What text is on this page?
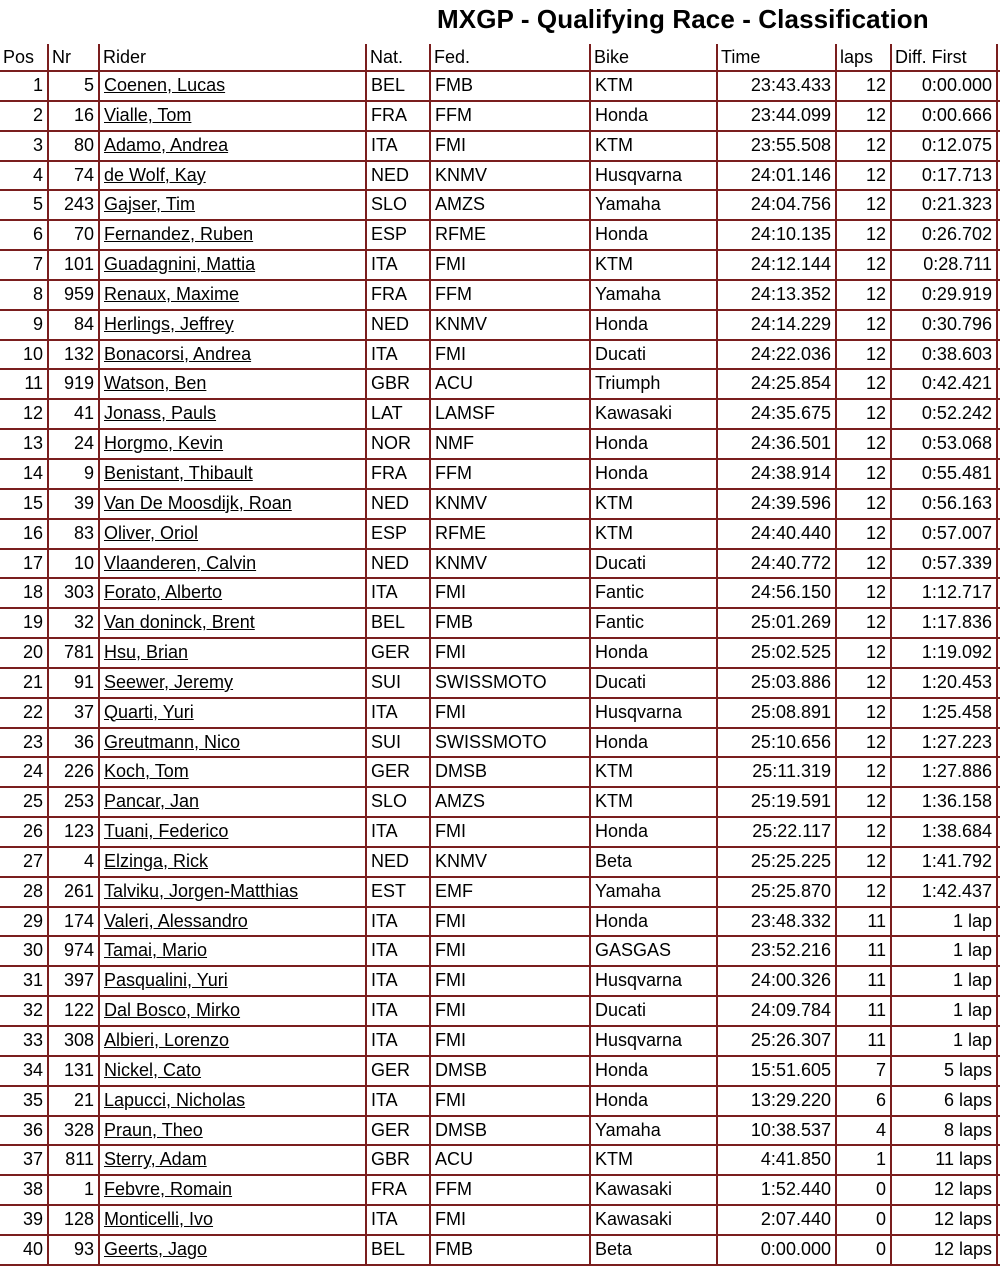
MXGP - Qualifying Race - Classification
Pos Nr	Rider	Nat.	Fed.	Bike	Time	laps	Diff. First
1	5 Coenen, Lucas	BEL	FMB	KTM	23:43.433	12	0:00.000
2	16 Vialle, Tom	FRA	FFM	Honda	23:44.099	12	0:00.666
3	80 Adamo, Andrea	ITA	FMI	KTM	23:55.508	12	0:12.075
4	74 de Wolf, Kay	NED	KNMV	Husqvarna	24:01.146	12	0:17.713
5	243 Gajser, Tim	SLO	AMZS	Yamaha	24:04.756	12	0:21.323
6	70 Fernandez, Ruben	ESP	RFME	Honda	24:10.135	12	0:26.702
7	101 Guadagnini, Mattia	ITA	FMI	KTM	24:12.144	12	0:28.711
8	959 Renaux, Maxime	FRA	FFM	Yamaha	24:13.352	12	0:29.919
9	84 Herlings, Jeffrey	NED	KNMV	Honda	24:14.229	12	0:30.796
10	132 Bonacorsi, Andrea	ITA	FMI	Ducati	24:22.036	12	0:38.603
11	919 Watson, Ben	GBR	ACU	Triumph	24:25.854	12	0:42.421
12	41 Jonass, Pauls	LAT	LAMSF	Kawasaki	24:35.675	12	0:52.242
13	24 Horgmo, Kevin	NOR	NMF	Honda	24:36.501	12	0:53.068
14	9 Benistant, Thibault	FRA	FFM	Honda	24:38.914	12	0:55.481
15	39 Van De Moosdijk, Roan	NED	KNMV	KTM	24:39.596	12	0:56.163
16	83 Oliver, Oriol	ESP	RFME	KTM	24:40.440	12	0:57.007
17	10 Vlaanderen, Calvin	NED	KNMV	Ducati	24:40.772	12	0:57.339
18	303 Forato, Alberto	ITA	FMI	Fantic	24:56.150	12	1:12.717
19	32 Van doninck, Brent	BEL	FMB	Fantic	25:01.269	12	1:17.836
20	781 Hsu, Brian	GER	FMI	Honda	25:02.525	12	1:19.092
21	91 Seewer, Jeremy	SUI	SWISSMOTO	Ducati	25:03.886	12	1:20.453
22	37 Quarti, Yuri	ITA	FMI	Husqvarna	25:08.891	12	1:25.458
23	36 Greutmann, Nico	SUI	SWISSMOTO	Honda	25:10.656	12	1:27.223
24	226 Koch, Tom	GER	DMSB	KTM	25:11.319	12	1:27.886
25	253 Pancar, Jan	SLO	AMZS	KTM	25:19.591	12	1:36.158
26	123 Tuani, Federico	ITA	FMI	Honda	25:22.117	12	1:38.684
27	4 Elzinga, Rick	NED	KNMV	Beta	25:25.225	12	1:41.792
28	261 Talviku, Jorgen-Matthias	EST	EMF	Yamaha	25:25.870	12	1:42.437
29	174 Valeri, Alessandro	ITA	FMI	Honda	23:48.332	11	1 lap
30	974 Tamai, Mario	ITA	FMI	GASGAS	23:52.216	11	1 lap
31	397 Pasqualini, Yuri	ITA	FMI	Husqvarna	24:00.326	11	1 lap
32	122 Dal Bosco, Mirko	ITA	FMI	Ducati	24:09.784	11	1 lap
33	308 Albieri, Lorenzo	ITA	FMI	Husqvarna	25:26.307	11	1 lap
34	131 Nickel, Cato	GER	DMSB	Honda	15:51.605	7	5 laps
35	21 Lapucci, Nicholas	ITA	FMI	Honda	13:29.220	6	6 laps
36	328 Praun, Theo	GER	DMSB	Yamaha	10:38.537	4	8 laps
37	811 Sterry, Adam	GBR	ACU	KTM	4:41.850	1	11 laps
38	1 Febvre, Romain	FRA	FFM	Kawasaki	1:52.440	0	12 laps
39	128 Monticelli, Ivo	ITA	FMI	Kawasaki	2:07.440	0	12 laps
40	93 Geerts, Jago	BEL	FMB	Beta	0:00.000	0	12 laps
